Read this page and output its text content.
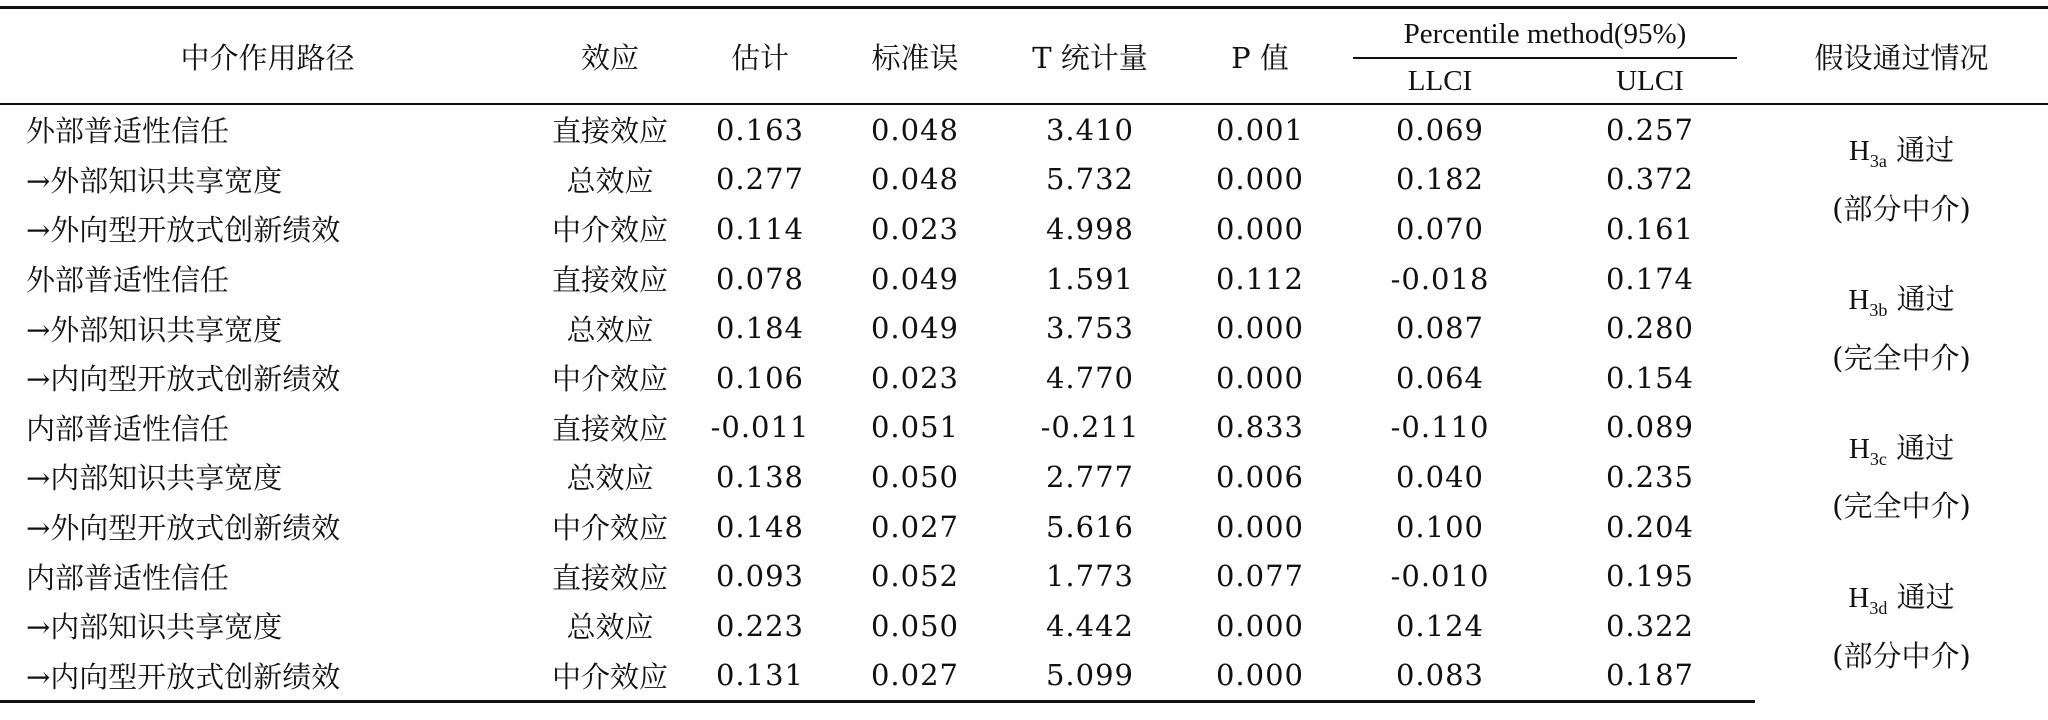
中介作用路径	效应	估计	标准误	T 统计量	P 值	Percentile method(95%)		假设通过情况
						LLCI	ULCI	
外部普适性信任	直接效应	0.163	0.048	3.410	0.001	0.069	0.257	$H_{3a}$ 通过
(部分中介)

→外部知识共享宽度	总效应	0.277	0.048	5.732	0.000	0.182	0.372	
→外向型开放式创新绩效	中介效应	0.114	0.023	4.998	0.000	0.070	0.161	
外部普适性信任	直接效应	0.078	0.049	1.591	0.112	-0.018	0.174	$H_{3b}$ 通过
(完全中介)

→外部知识共享宽度	总效应	0.184	0.049	3.753	0.000	0.087	0.280	
→内向型开放式创新绩效	中介效应	0.106	0.023	4.770	0.000	0.064	0.154	
内部普适性信任	直接效应	-0.011	0.051	-0.211	0.833	-0.110	0.089	$H_{3c}$ 通过
(完全中介)

→内部知识共享宽度	总效应	0.138	0.050	2.777	0.006	0.040	0.235	
→外向型开放式创新绩效	中介效应	0.148	0.027	5.616	0.000	0.100	0.204	
内部普适性信任	直接效应	0.093	0.052	1.773	0.077	-0.010	0.195	$H_{3d}$ 通过
(部分中介)

→内部知识共享宽度	总效应	0.223	0.050	4.442	0.000	0.124	0.322	
→内向型开放式创新绩效	中介效应	0.131	0.027	5.099	0.000	0.083	0.187	
